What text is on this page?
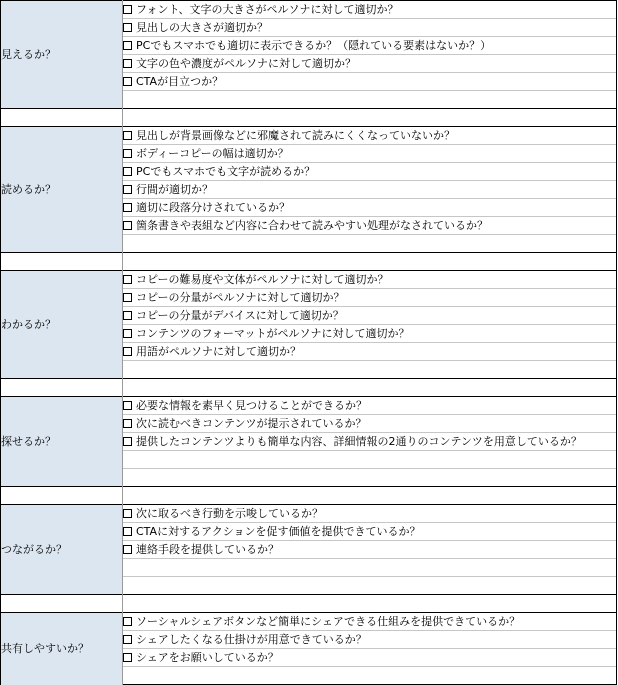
見えるか？	フォント、文字の大きさがペルソナに対して適切か？
	見出しの大きさが適切か？
	PCでもスマホでも適切に表示できるか？（隠れている要素はないか？）
	文字の色や濃度がペルソナに対して適切か？
	CTAが目立つか？

読めるか？	見出しが背景画像などに邪魔されて読みにくくなっていないか？
	ボディーコピーの幅は適切か？
	PCでもスマホでも文字が読めるか？
	行間が適切か？
	適切に段落分けされているか？
	箇条書きや表組など内容に合わせて読みやすい処理がなされているか？

わかるか？	コピーの難易度や文体がペルソナに対して適切か？
	コピーの分量がペルソナに対して適切か？
	コピーの分量がデバイスに対して適切か？
	コンテンツのフォーマットがペルソナに対して適切か？
	用語がペルソナに対して適切か？

探せるか？	必要な情報を素早く見つけることができるか？
	次に読むべきコンテンツが提示されているか？
	提供したコンテンツよりも簡単な内容、詳細情報の2通りのコンテンツを用意しているか？

つながるか？	次に取るべき行動を示唆しているか？
	CTAに対するアクションを促す価値を提供できているか？
	連絡手段を提供しているか？

共有しやすいか？	ソーシャルシェアボタンなど簡単にシェアできる仕組みを提供できているか？
	シェアしたくなる仕掛けが用意できているか？
	シェアをお願いしているか？
